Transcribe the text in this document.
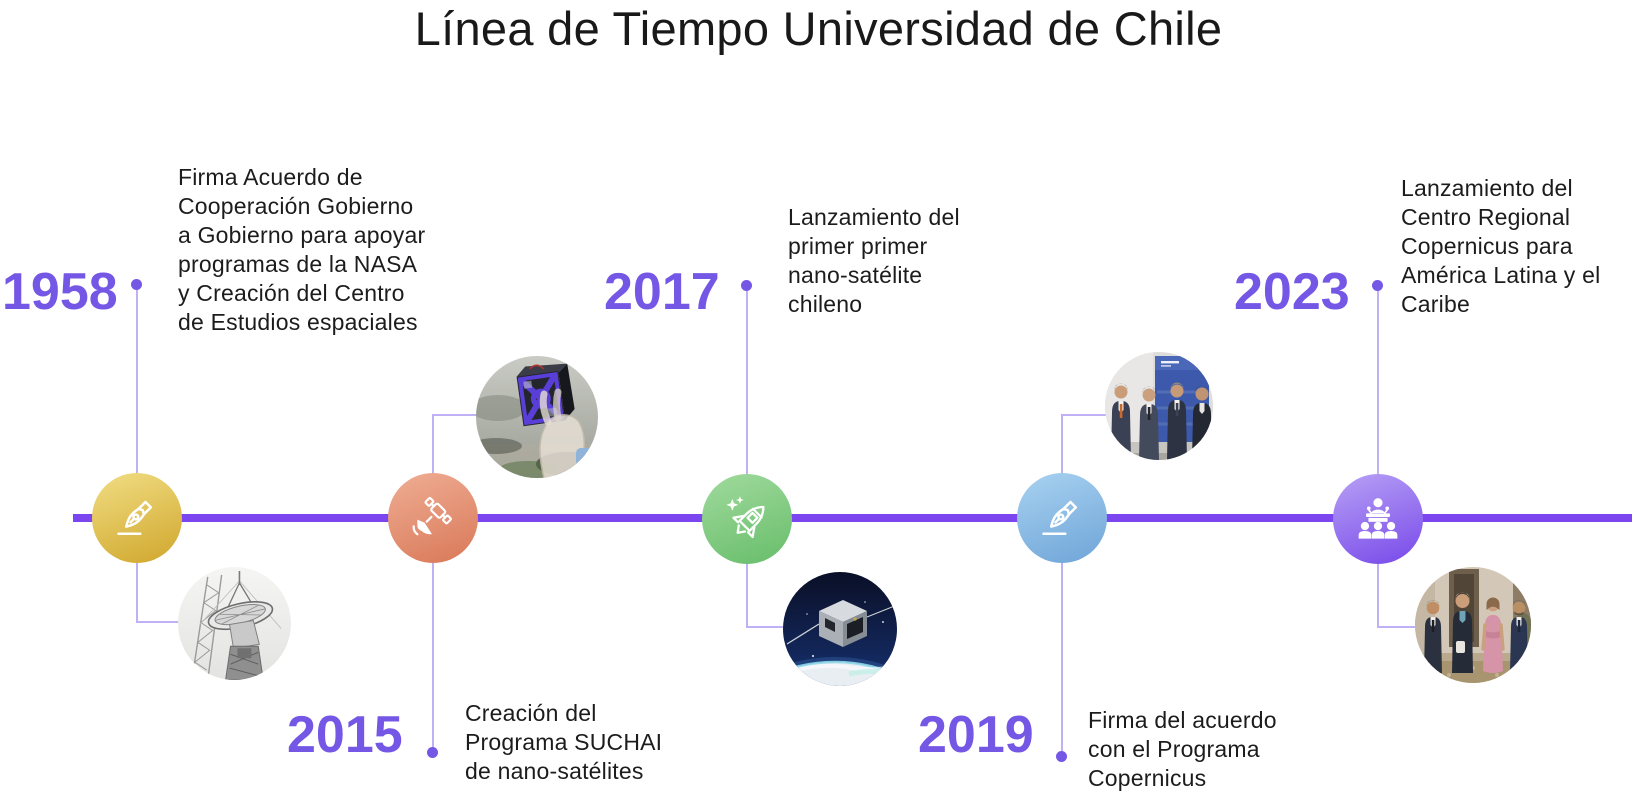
Línea de Tiempo Universidad de Chile
1958
Firma Acuerdo de
Cooperación Gobierno
a Gobierno para apoyar
programas de la NASA
y Creación del Centro
de Estudios espaciales
2015	Creación del
Programa SUCHAI
de nano-satélites
2017
Lanzamiento del
primer primer
nano-satélite
chileno
2019 Firma del acuerdo
con el Programa
Copernicus
2023
Lanzamiento del
Centro Regional
Copernicus para
América Latina y el
Caribe
